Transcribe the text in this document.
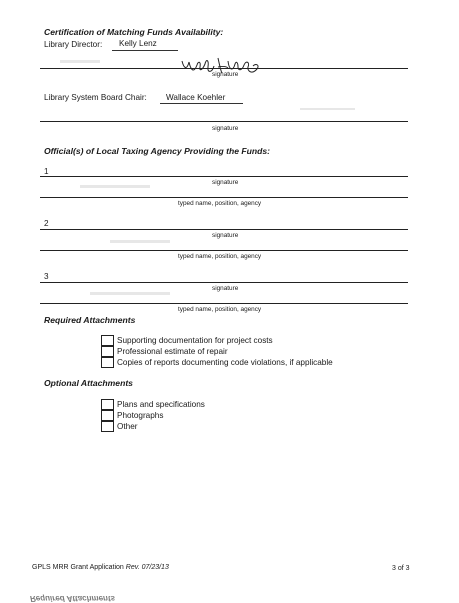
Certification of Matching Funds Availability:
Library Director: Kelly Lenz
signature
Library System Board Chair: Wallace Koehler
signature
Official(s) of Local Taxing Agency Providing the Funds:
1
signature
typed name, position, agency
2
signature
typed name, position, agency
3
signature
typed name, position, agency
Required Attachments
Supporting documentation for project costs
Professional estimate of repair
Copies of reports documenting code violations, if applicable
Optional Attachments
Plans and specifications
Photographs
Other
GPLS MRR Grant Application Rev. 07/23/13	3 of 3
Required Attachments
